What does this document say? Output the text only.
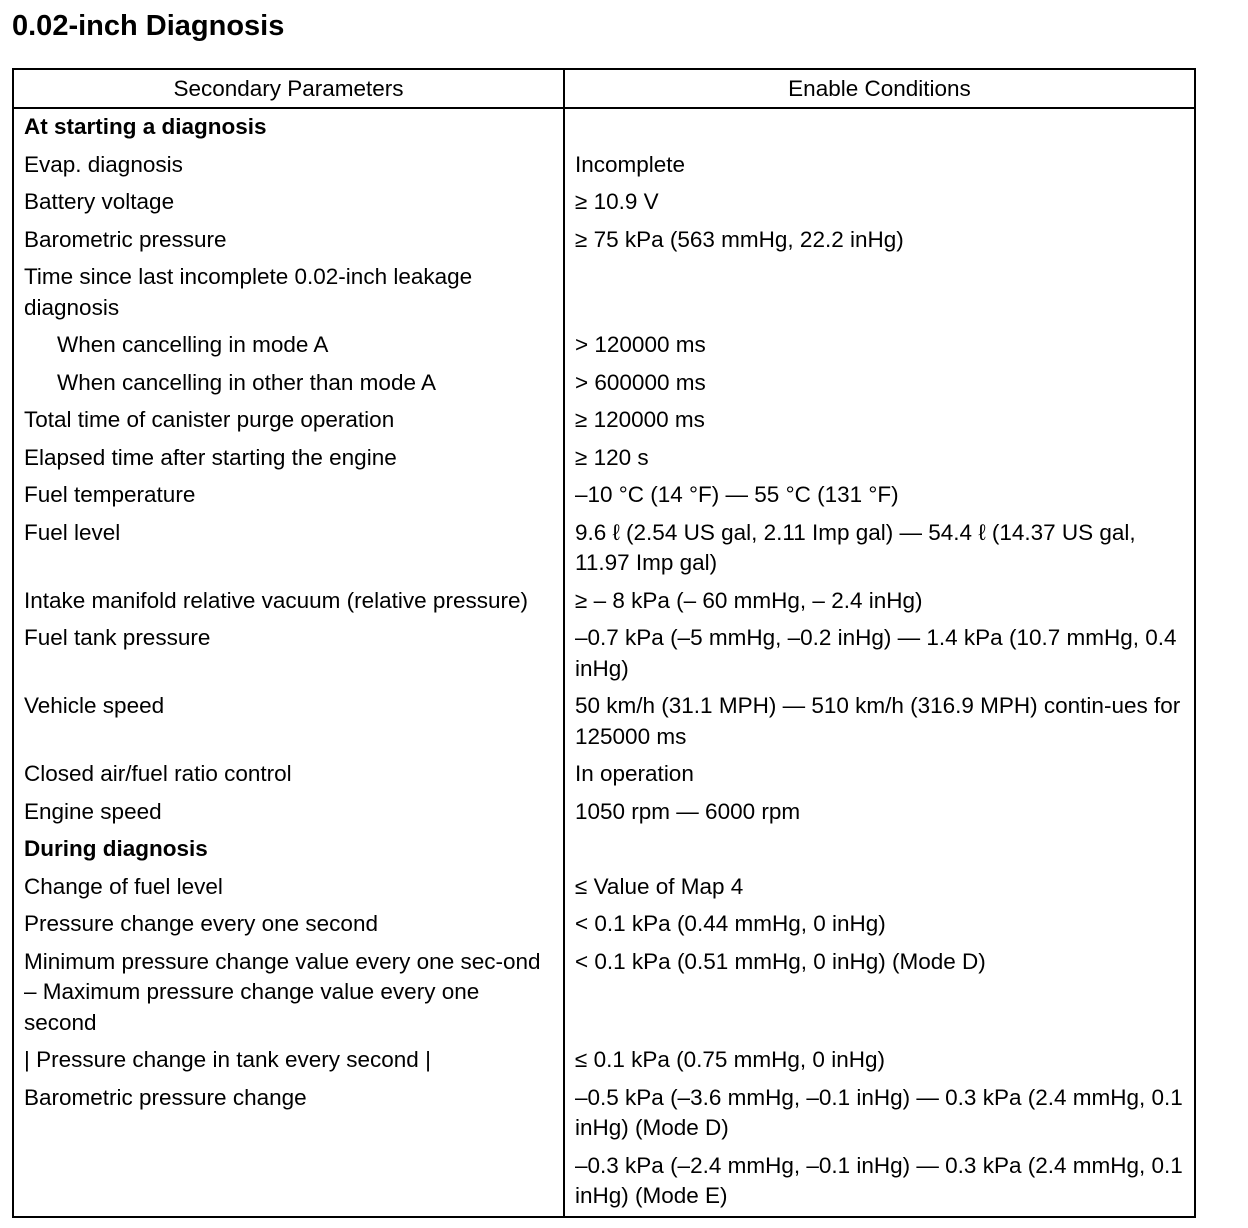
0.02-inch Diagnosis
Secondary Parameters	Enable Conditions
At starting a diagnosis	
Evap. diagnosis	Incomplete
Battery voltage	≥ 10.9 V
Barometric pressure	≥ 75 kPa (563 mmHg, 22.2 inHg)
Time since last incomplete 0.02-inch leakage diagnosis	
When cancelling in mode A	> 120000 ms
When cancelling in other than mode A	> 600000 ms
Total time of canister purge operation	≥ 120000 ms
Elapsed time after starting the engine	≥ 120 s
Fuel temperature	–10 °C (14 °F) — 55 °C (131 °F)
Fuel level	9.6 ℓ (2.54 US gal, 2.11 Imp gal) — 54.4 ℓ (14.37 US gal, 11.97 Imp gal)
Intake manifold relative vacuum (relative pressure)	≥ – 8 kPa (– 60 mmHg, – 2.4 inHg)
Fuel tank pressure	–0.7 kPa (–5 mmHg, –0.2 inHg) — 1.4 kPa (10.7 mmHg, 0.4 inHg)
Vehicle speed	50 km/h (31.1 MPH) — 510 km/h (316.9 MPH) contin-ues for 125000 ms
Closed air/fuel ratio control	In operation
Engine speed	1050 rpm — 6000 rpm
During diagnosis	
Change of fuel level	≤ Value of Map 4
Pressure change every one second	< 0.1 kPa (0.44 mmHg, 0 inHg)
Minimum pressure change value every one sec-ond – Maximum pressure change value every one second	< 0.1 kPa (0.51 mmHg, 0 inHg) (Mode D)
| Pressure change in tank every second |	≤ 0.1 kPa (0.75 mmHg, 0 inHg)
Barometric pressure change	–0.5 kPa (–3.6 mmHg, –0.1 inHg) — 0.3 kPa (2.4 mmHg, 0.1 inHg) (Mode D)
	–0.3 kPa (–2.4 mmHg, –0.1 inHg) — 0.3 kPa (2.4 mmHg, 0.1 inHg) (Mode E)
